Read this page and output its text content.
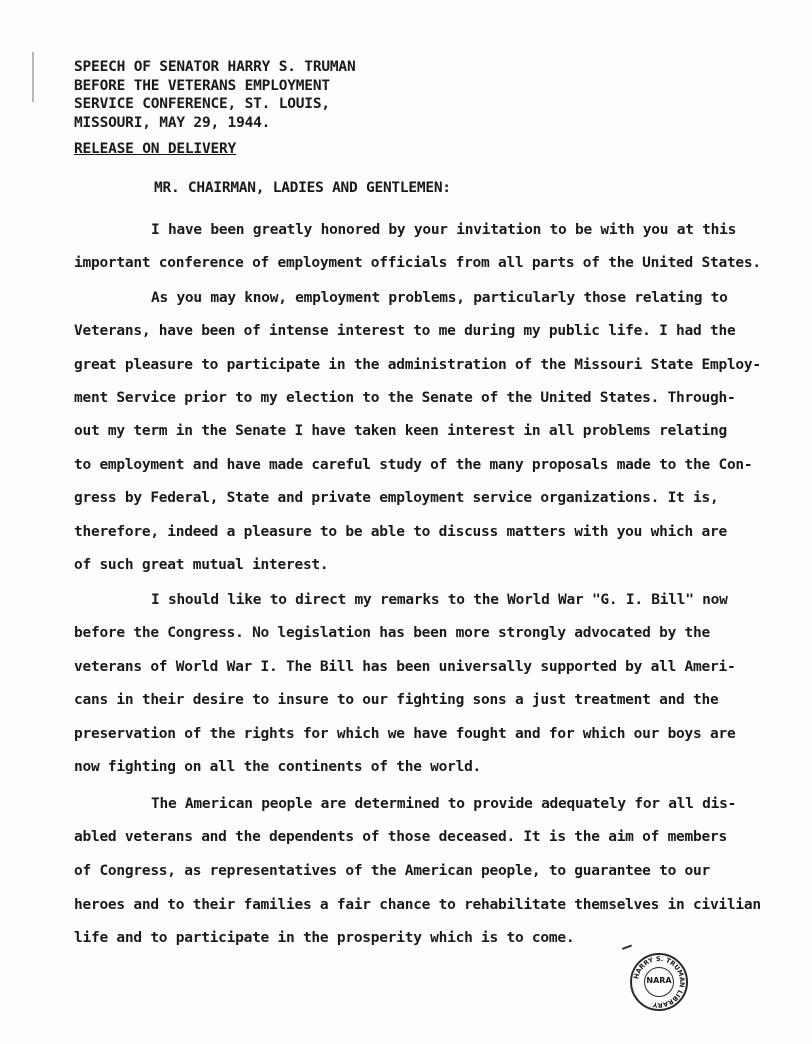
SPEECH OF SENATOR HARRY S. TRUMAN
BEFORE THE VETERANS EMPLOYMENT
SERVICE CONFERENCE, ST. LOUIS,
MISSOURI, MAY 29, 1944.
RELEASE ON DELIVERY
MR. CHAIRMAN, LADIES AND GENTLEMEN:
I have been greatly honored by your invitation to be with you at this
important conference of employment officials from all parts of the United States.
As you may know, employment problems, particularly those relating to
Veterans, have been of intense interest to me during my public life. I had the
great pleasure to participate in the administration of the Missouri State Employ-
ment Service prior to my election to the Senate of the United States. Through-
out my term in the Senate I have taken keen interest in all problems relating
to employment and have made careful study of the many proposals made to the Con-
gress by Federal, State and private employment service organizations. It is,
therefore, indeed a pleasure to be able to discuss matters with you which are
of such great mutual interest.
I should like to direct my remarks to the World War "G. I. Bill" now
before the Congress. No legislation has been more strongly advocated by the
veterans of World War I. The Bill has been universally supported by all Ameri-
cans in their desire to insure to our fighting sons a just treatment and the
preservation of the rights for which we have fought and for which our boys are
now fighting on all the continents of the world.
The American people are determined to provide adequately for all dis-
abled veterans and the dependents of those deceased. It is the aim of members
of Congress, as representatives of the American people, to guarantee to our
heroes and to their families a fair chance to rehabilitate themselves in civilian
life and to participate in the prosperity which is to come.
HARRY S. TRUMAN LIBRARY
NARA
